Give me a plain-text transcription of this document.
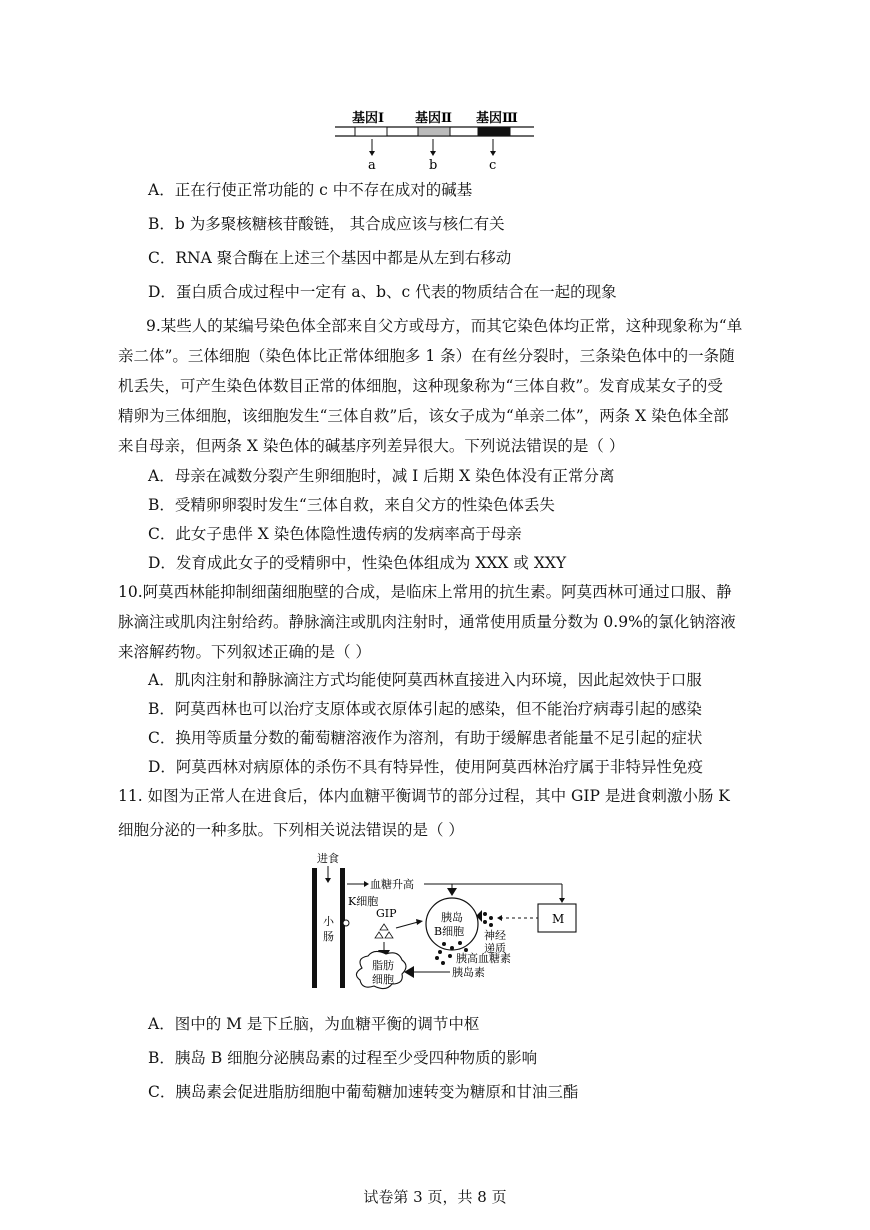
基因Ⅰ 基因Ⅱ 基因Ⅲ
a	b	c
A．正在行使正常功能的 c 中不存在成对的碱基
B．b 为多聚核糖核苷酸链， 其合成应该与核仁有关
C．RNA 聚合酶在上述三个基因中都是从左到右移动
D．蛋白质合成过程中一定有 a、b、c 代表的物质结合在一起的现象
9.某些人的某编号染色体全部来自父方或母方，而其它染色体均正常，这种现象称为“单
亲二体”。三体细胞（染色体比正常体细胞多 1 条）在有丝分裂时，三条染色体中的一条随
机丢失，可产生染色体数目正常的体细胞，这种现象称为“三体自救”。发育成某女子的受
精卵为三体细胞，该细胞发生“三体自救”后，该女子成为“单亲二体”，两条 X 染色体全部
来自母亲，但两条 X 染色体的碱基序列差异很大。下列说法错误的是（ ）
A．母亲在减数分裂产生卵细胞时，减 I 后期 X 染色体没有正常分离
B．受精卵卵裂时发生“三体自救，来自父方的性染色体丢失
C．此女子患伴 X 染色体隐性遗传病的发病率高于母亲
D．发育成此女子的受精卵中，性染色体组成为 XXX 或 XXY
10.阿莫西林能抑制细菌细胞壁的合成，是临床上常用的抗生素。阿莫西林可通过口服、静
脉滴注或肌肉注射给药。静脉滴注或肌肉注射时，通常使用质量分数为 0.9%的氯化钠溶液
来溶解药物。下列叙述正确的是（ ）
A．肌肉注射和静脉滴注方式均能使阿莫西林直接进入内环境，因此起效快于口服
B．阿莫西林也可以治疗支原体或衣原体引起的感染，但不能治疗病毒引起的感染
C．换用等质量分数的葡萄糖溶液作为溶剂，有助于缓解患者能量不足引起的症状
D．阿莫西林对病原体的杀伤不具有特异性，使用阿莫西林治疗属于非特异性免疫
11. 如图为正常人在进食后，体内血糖平衡调节的部分过程，其中 GIP 是进食刺激小肠 K
细胞分泌的一种多肽。下列相关说法错误的是（ ）
进食
小
肠
血糖升高
胰岛
B细胞
K细胞
GIP
脂肪
细胞
胰岛素
胰高血糖素
神经
递质
M
A．图中的 M 是下丘脑，为血糖平衡的调节中枢
B．胰岛 B 细胞分泌胰岛素的过程至少受四种物质的影响
C．胰岛素会促进脂肪细胞中葡萄糖加速转变为糖原和甘油三酯
试卷第 3 页，共 8 页
